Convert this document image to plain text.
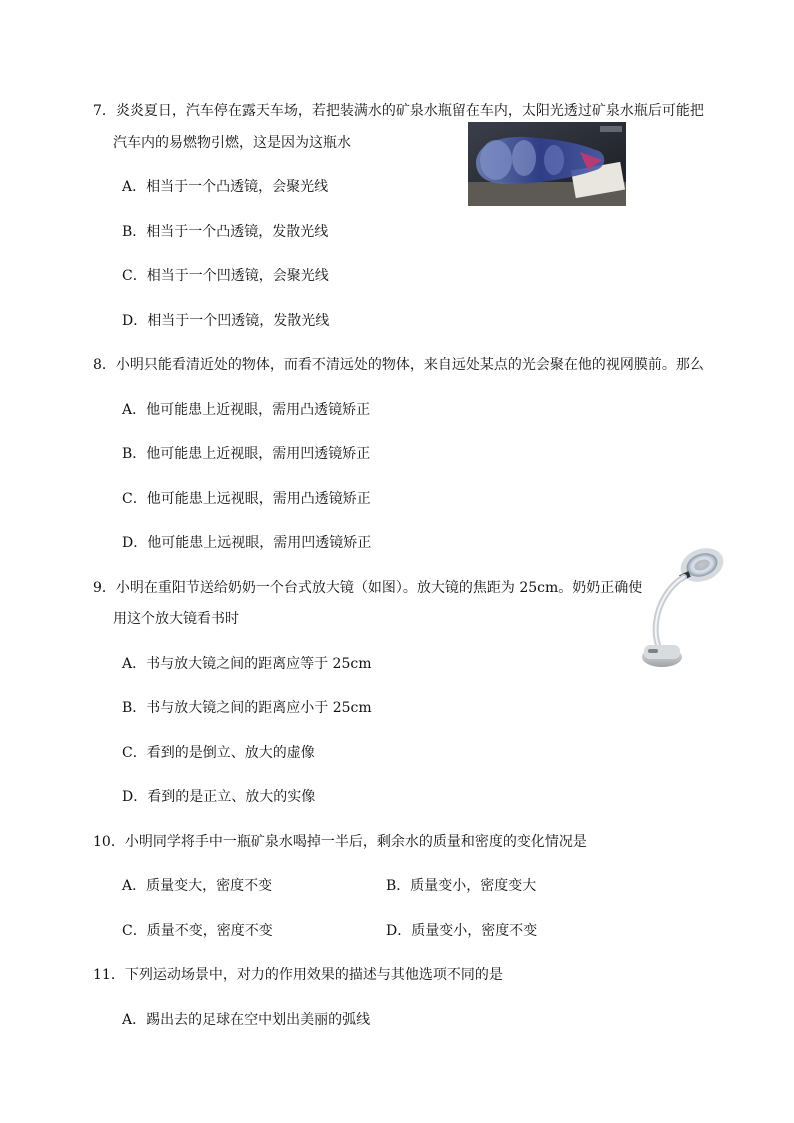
7．炎炎夏日，汽车停在露天车场，若把装满水的矿泉水瓶留在车内，太阳光透过矿泉水瓶后可能把
汽车内的易燃物引燃，这是因为这瓶水
A．相当于一个凸透镜，会聚光线
B．相当于一个凸透镜，发散光线
C．相当于一个凹透镜，会聚光线
D．相当于一个凹透镜，发散光线
8．小明只能看清近处的物体，而看不清远处的物体，来自远处某点的光会聚在他的视网膜前。那么
A．他可能患上近视眼，需用凸透镜矫正
B．他可能患上近视眼，需用凹透镜矫正
C．他可能患上远视眼，需用凸透镜矫正
D．他可能患上远视眼，需用凹透镜矫正
9．小明在重阳节送给奶奶一个台式放大镜（如图）。放大镜的焦距为 25cm。奶奶正确使
用这个放大镜看书时
A．书与放大镜之间的距离应等于 25cm
B．书与放大镜之间的距离应小于 25cm
C．看到的是倒立、放大的虚像
D．看到的是正立、放大的实像
10．小明同学将手中一瓶矿泉水喝掉一半后，剩余水的质量和密度的变化情况是
A．质量变大，密度不变	B．质量变小，密度变大
C．质量不变，密度不变	D．质量变小，密度不变
11．下列运动场景中，对力的作用效果的描述与其他选项不同的是
A．踢出去的足球在空中划出美丽的弧线
